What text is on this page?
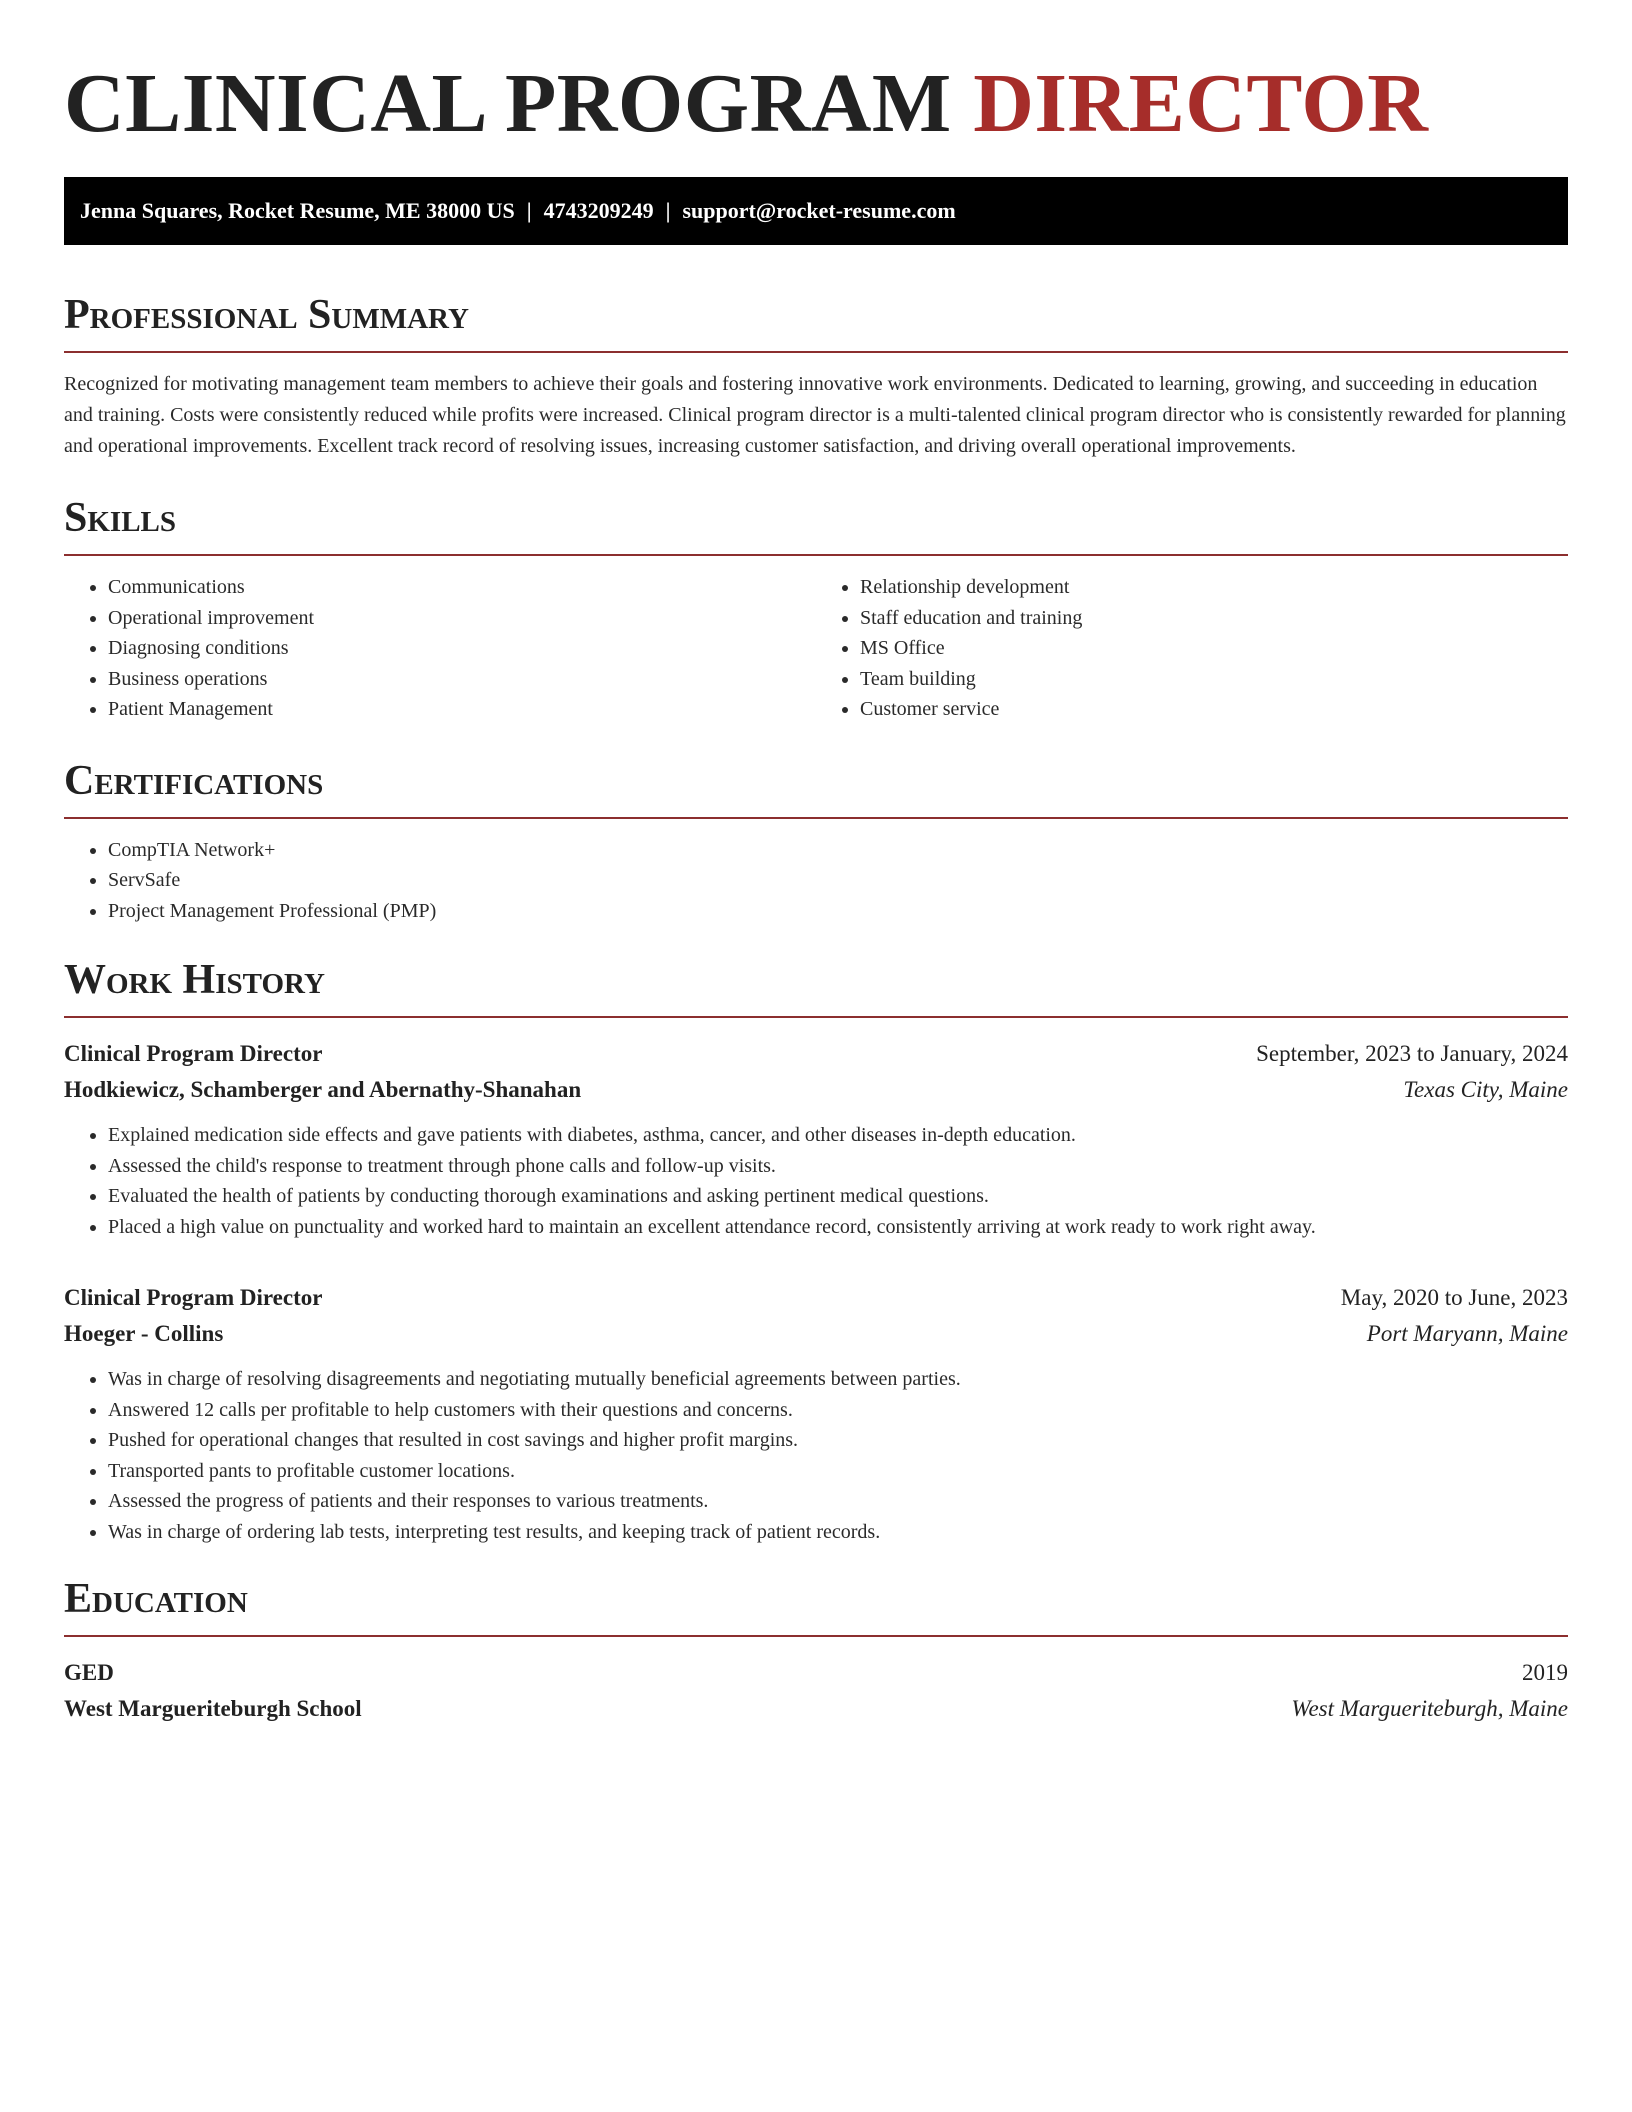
CLINICAL PROGRAM DIRECTOR
Jenna Squares, Rocket Resume, ME 38000 US | 4743209249 | support@rocket-resume.com
Professional Summary

Recognized for motivating management team members to achieve their goals and fostering innovative work environments. Dedicated to learning, growing, and succeeding in education and training. Costs were consistently reduced while profits were increased. Clinical program director is a multi-talented clinical program director who is consistently rewarded for planning and operational improvements. Excellent track record of resolving issues, increasing customer satisfaction, and driving overall operational improvements.

Skills
• Communications
• Operational improvement
• Diagnosing conditions
• Business operations
• Patient Management
• Relationship development
• Staff education and training
• MS Office
• Team building
• Customer service
Certifications
• CompTIA Network+
• ServSafe
• Project Management Professional (PMP)
Work History
Clinical Program Director	September, 2023 to January, 2024
Hodkiewicz, Schamberger and Abernathy-Shanahan	Texas City, Maine
• Explained medication side effects and gave patients with diabetes, asthma, cancer, and other diseases in-depth education.
• Assessed the child's response to treatment through phone calls and follow-up visits.
• Evaluated the health of patients by conducting thorough examinations and asking pertinent medical questions.
• Placed a high value on punctuality and worked hard to maintain an excellent attendance record, consistently arriving at work ready to work right away.
Clinical Program Director	May, 2020 to June, 2023
Hoeger - Collins	Port Maryann, Maine
• Was in charge of resolving disagreements and negotiating mutually beneficial agreements between parties.
• Answered 12 calls per profitable to help customers with their questions and concerns.
• Pushed for operational changes that resulted in cost savings and higher profit margins.
• Transported pants to profitable customer locations.
• Assessed the progress of patients and their responses to various treatments.
• Was in charge of ordering lab tests, interpreting test results, and keeping track of patient records.
Education
GED	2019
West Margueriteburgh School	West Margueriteburgh, Maine
